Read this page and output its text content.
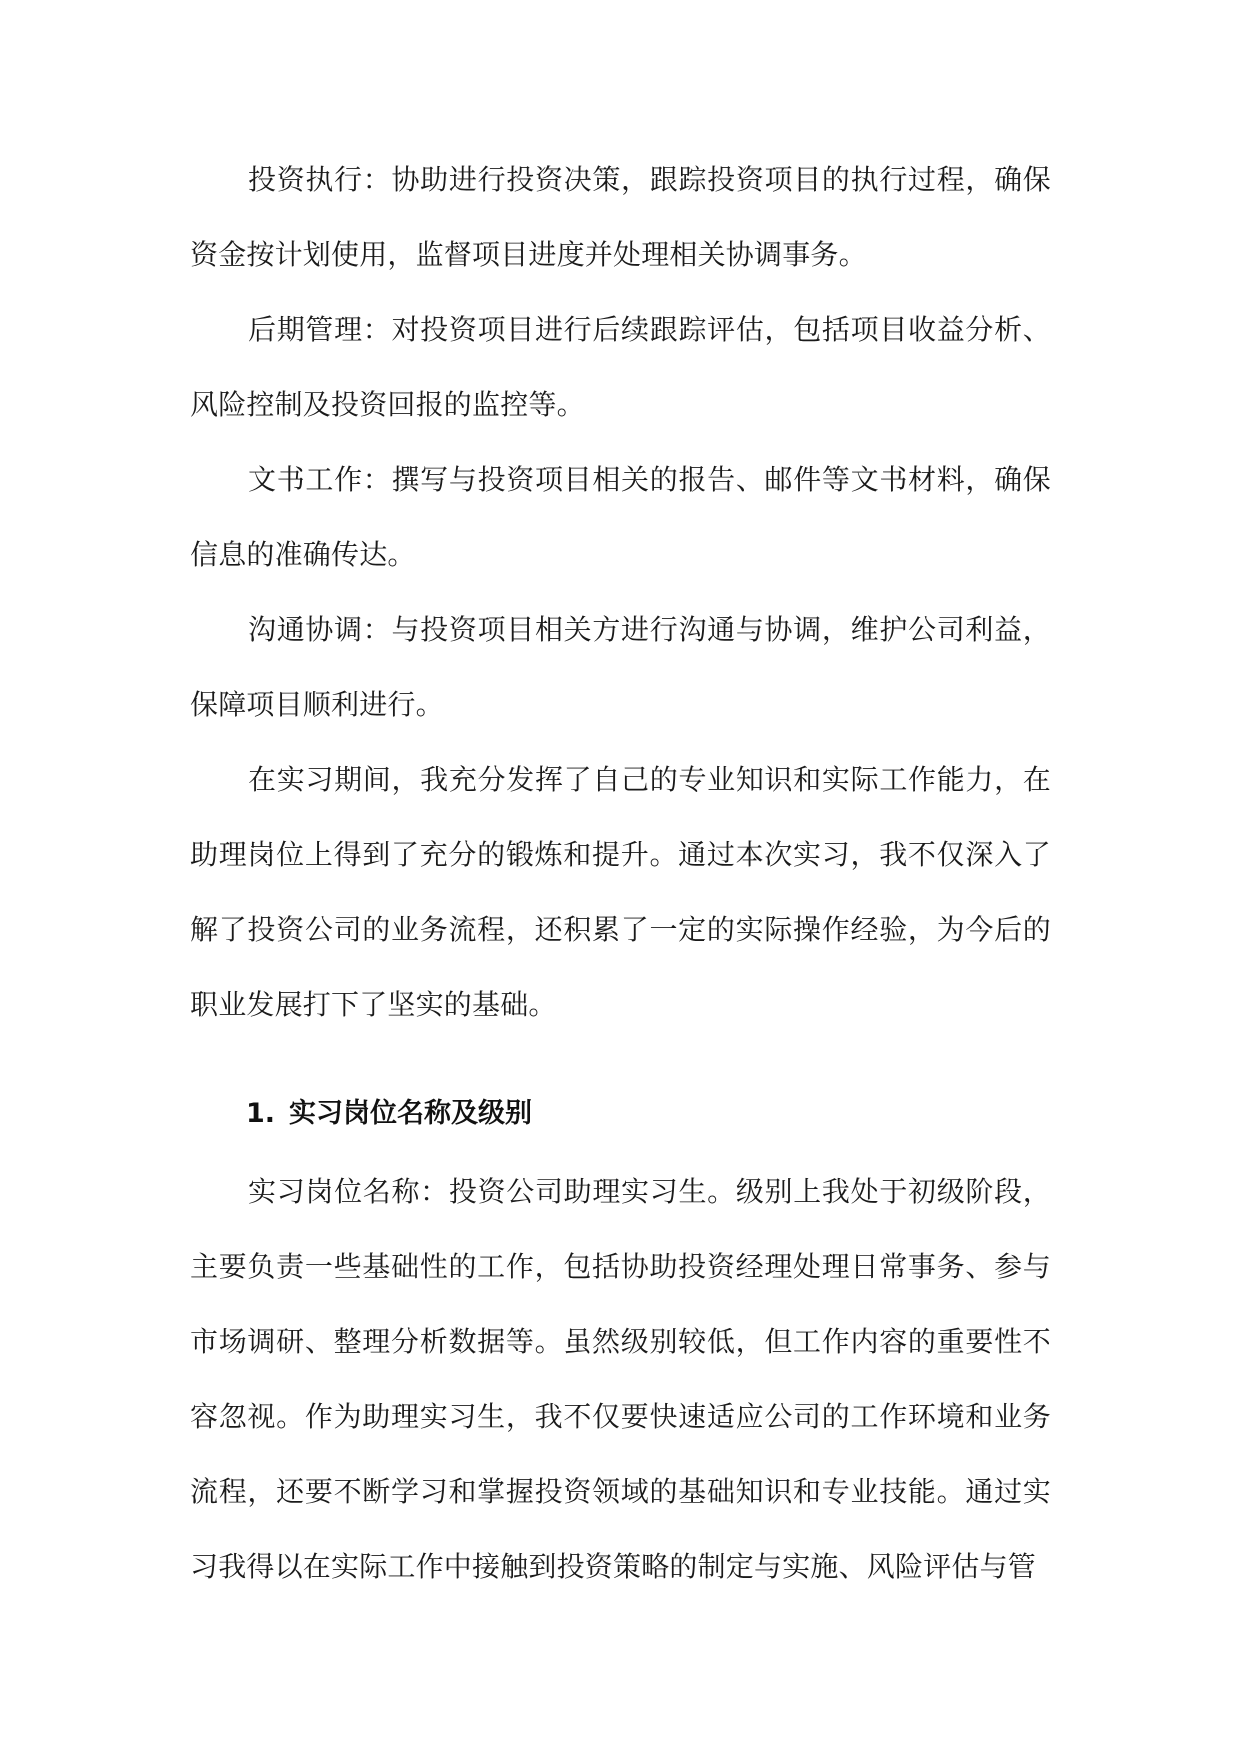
投资执行：协助进行投资决策，跟踪投资项目的执行过程，确保资金按计划使用，监督项目进度并处理相关协调事务。

后期管理：对投资项目进行后续跟踪评估，包括项目收益分析、风险控制及投资回报的监控等。

文书工作：撰写与投资项目相关的报告、邮件等文书材料，确保信息的准确传达。

沟通协调：与投资项目相关方进行沟通与协调，维护公司利益，保障项目顺利进行。

在实习期间，我充分发挥了自己的专业知识和实际工作能力，在助理岗位上得到了充分的锻炼和提升。通过本次实习，我不仅深入了解了投资公司的业务流程，还积累了一定的实际操作经验，为今后的职业发展打下了坚实的基础。

1. 实习岗位名称及级别

实习岗位名称：投资公司助理实习生。级别上我处于初级阶段，主要负责一些基础性的工作，包括协助投资经理处理日常事务、参与市场调研、整理分析数据等。虽然级别较低，但工作内容的重要性不容忽视。作为助理实习生，我不仅要快速适应公司的工作环境和业务流程，还要不断学习和掌握投资领域的基础知识和专业技能。通过实习我得以在实际工作中接触到投资策略的制定与实施、风险评估与管
